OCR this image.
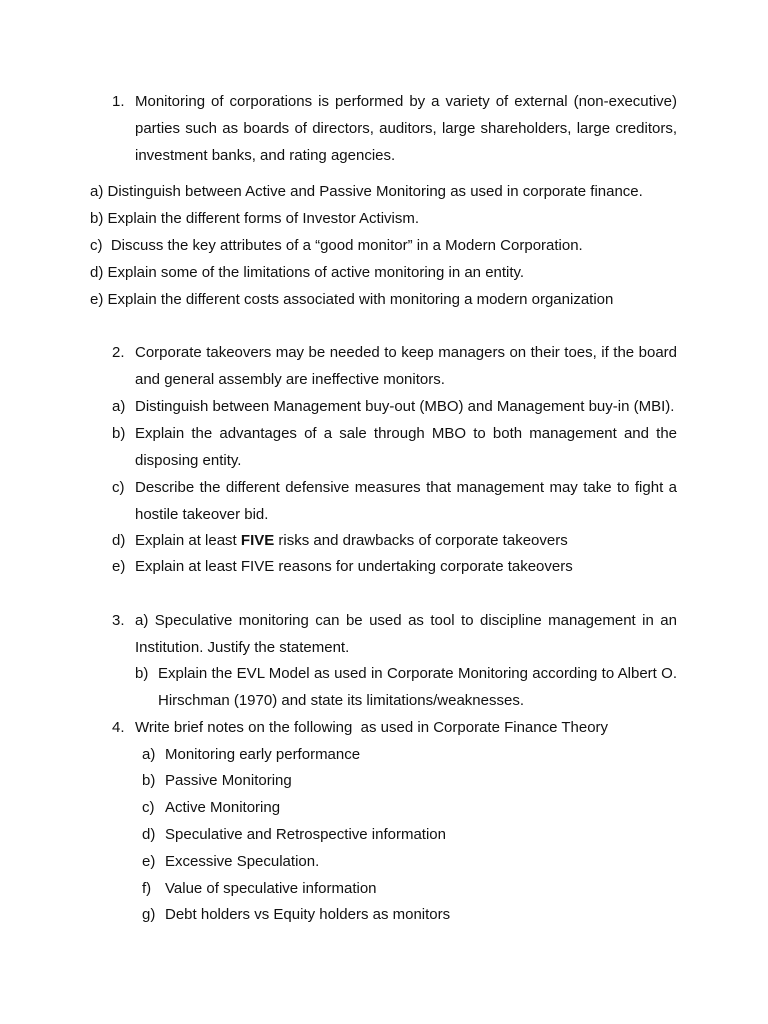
1. Monitoring of corporations is performed by a variety of external (non-executive) parties such as boards of directors, auditors, large shareholders, large creditors, investment banks, and rating agencies.
a) Distinguish between Active and Passive Monitoring as used in corporate finance.
b) Explain the different forms of Investor Activism.
c)  Discuss the key attributes of a “good monitor” in a Modern Corporation.
d) Explain some of the limitations of active monitoring in an entity.
e) Explain the different costs associated with monitoring a modern organization
2. Corporate takeovers may be needed to keep managers on their toes, if the board and general assembly are ineffective monitors.
a) Distinguish between Management buy-out (MBO) and Management buy-in (MBI).
b) Explain the advantages of a sale through MBO to both management and the disposing entity.
c) Describe the different defensive measures that management may take to fight a hostile takeover bid.
d) Explain at least FIVE risks and drawbacks of corporate takeovers
e) Explain at least FIVE reasons for undertaking corporate takeovers
3. a) Speculative monitoring can be used as tool to discipline management in an Institution. Justify the statement.
b) Explain the EVL Model as used in Corporate Monitoring according to Albert O. Hirschman (1970) and state its limitations/weaknesses.
4. Write brief notes on the following  as used in Corporate Finance Theory
a) Monitoring early performance
b) Passive Monitoring
c) Active Monitoring
d) Speculative and Retrospective information
e) Excessive Speculation.
f) Value of speculative information
g) Debt holders vs Equity holders as monitors
